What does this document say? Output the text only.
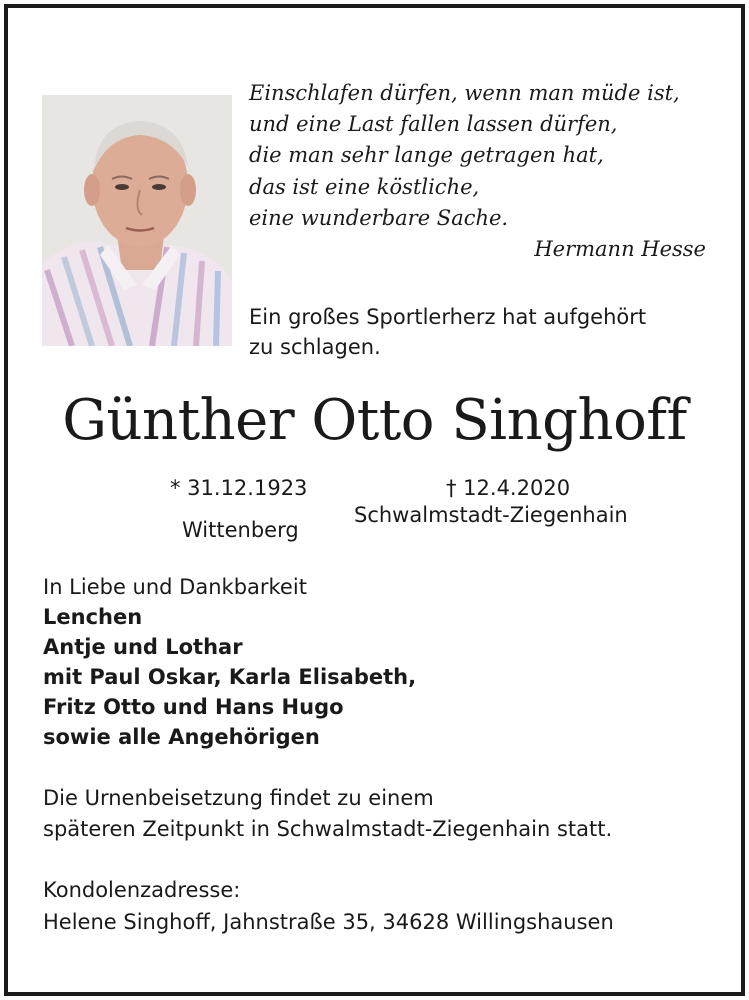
Einschlafen dürfen, wenn man müde ist,
und eine Last fallen lassen dürfen,
die man sehr lange getragen hat,
das ist eine köstliche,
eine wunderbare Sache.
Hermann Hesse
Ein großes Sportlerherz hat aufgehört
zu schlagen.
Günther Otto Singhoff
* 31.12.1923
Wittenberg
† 12.4.2020
Schwalmstadt-Ziegenhain
In Liebe und Dankbarkeit
Lenchen
Antje und Lothar
mit Paul Oskar, Karla Elisabeth,
Fritz Otto und Hans Hugo
sowie alle Angehörigen
Die Urnenbeisetzung findet zu einem
späteren Zeitpunkt in Schwalmstadt-Ziegenhain statt.
Kondolenzadresse:
Helene Singhoff, Jahnstraße 35, 34628 Willingshausen
